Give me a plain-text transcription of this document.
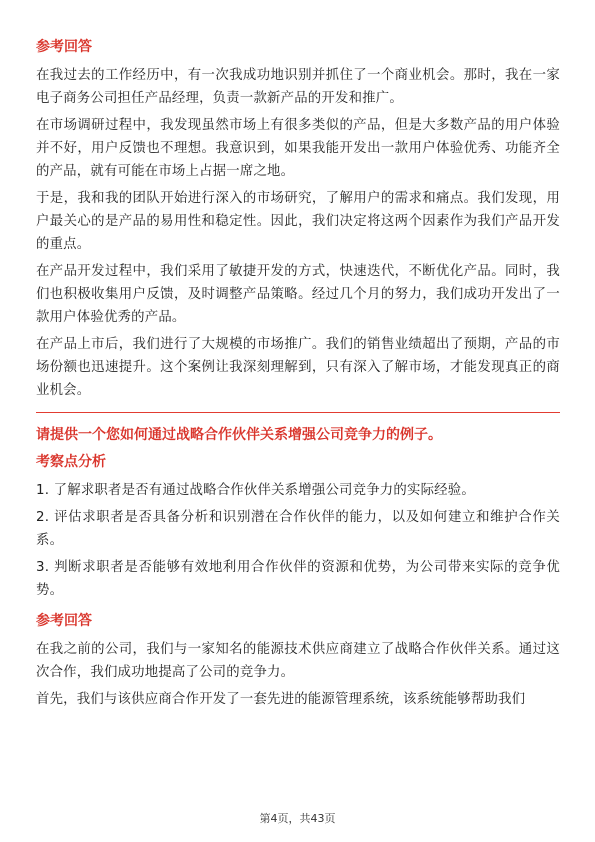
参考回答

在我过去的工作经历中，有一次我成功地识别并抓住了一个商业机会。那时，我在一家电子商务公司担任产品经理，负责一款新产品的开发和推广。

在市场调研过程中，我发现虽然市场上有很多类似的产品，但是大多数产品的用户体验并不好，用户反馈也不理想。我意识到，如果我能开发出一款用户体验优秀、功能齐全的产品，就有可能在市场上占据一席之地。

于是，我和我的团队开始进行深入的市场研究，了解用户的需求和痛点。我们发现，用户最关心的是产品的易用性和稳定性。因此，我们决定将这两个因素作为我们产品开发的重点。

在产品开发过程中，我们采用了敏捷开发的方式，快速迭代，不断优化产品。同时，我们也积极收集用户反馈，及时调整产品策略。经过几个月的努力，我们成功开发出了一款用户体验优秀的产品。

在产品上市后，我们进行了大规模的市场推广。我们的销售业绩超出了预期，产品的市场份额也迅速提升。这个案例让我深刻理解到，只有深入了解市场，才能发现真正的商业机会。

请提供一个您如何通过战略合作伙伴关系增强公司竞争力的例子。
考察点分析

1. 了解求职者是否有通过战略合作伙伴关系增强公司竞争力的实际经验。

2. 评估求职者是否具备分析和识别潜在合作伙伴的能力，以及如何建立和维护合作关系。

3. 判断求职者是否能够有效地利用合作伙伴的资源和优势，为公司带来实际的竞争优势。

参考回答

在我之前的公司，我们与一家知名的能源技术供应商建立了战略合作伙伴关系。通过这次合作，我们成功地提高了公司的竞争力。

首先，我们与该供应商合作开发了一套先进的能源管理系统，该系统能够帮助我们

第4页，共43页
